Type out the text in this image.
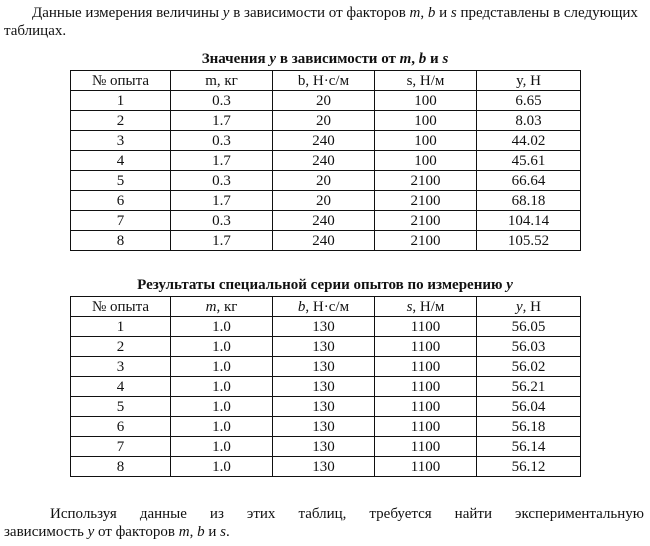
Данные измерения величины y в зависимости от факторов m, b и s представлены в следующих таблицах.

Значения y в зависимости от m, b и s

№ опыта	m, кг	b, Н·с/м	s, Н/м	y, Н
1	0.3	20	100	6.65
2	1.7	20	100	8.03
3	0.3	240	100	44.02
4	1.7	240	100	45.61
5	0.3	20	2100	66.64
6	1.7	20	2100	68.18
7	0.3	240	2100	104.14
8	1.7	240	2100	105.52

Результаты специальной серии опытов по измерению y

№ опыта	m, кг	b, Н·с/м	s, Н/м	y, Н
1	1.0	130	1100	56.05
2	1.0	130	1100	56.03
3	1.0	130	1100	56.02
4	1.0	130	1100	56.21
5	1.0	130	1100	56.04
6	1.0	130	1100	56.18
7	1.0	130	1100	56.14
8	1.0	130	1100	56.12

Используя данные из этих таблиц, требуется найти экспериментальную
зависимость y от факторов m, b и s.
